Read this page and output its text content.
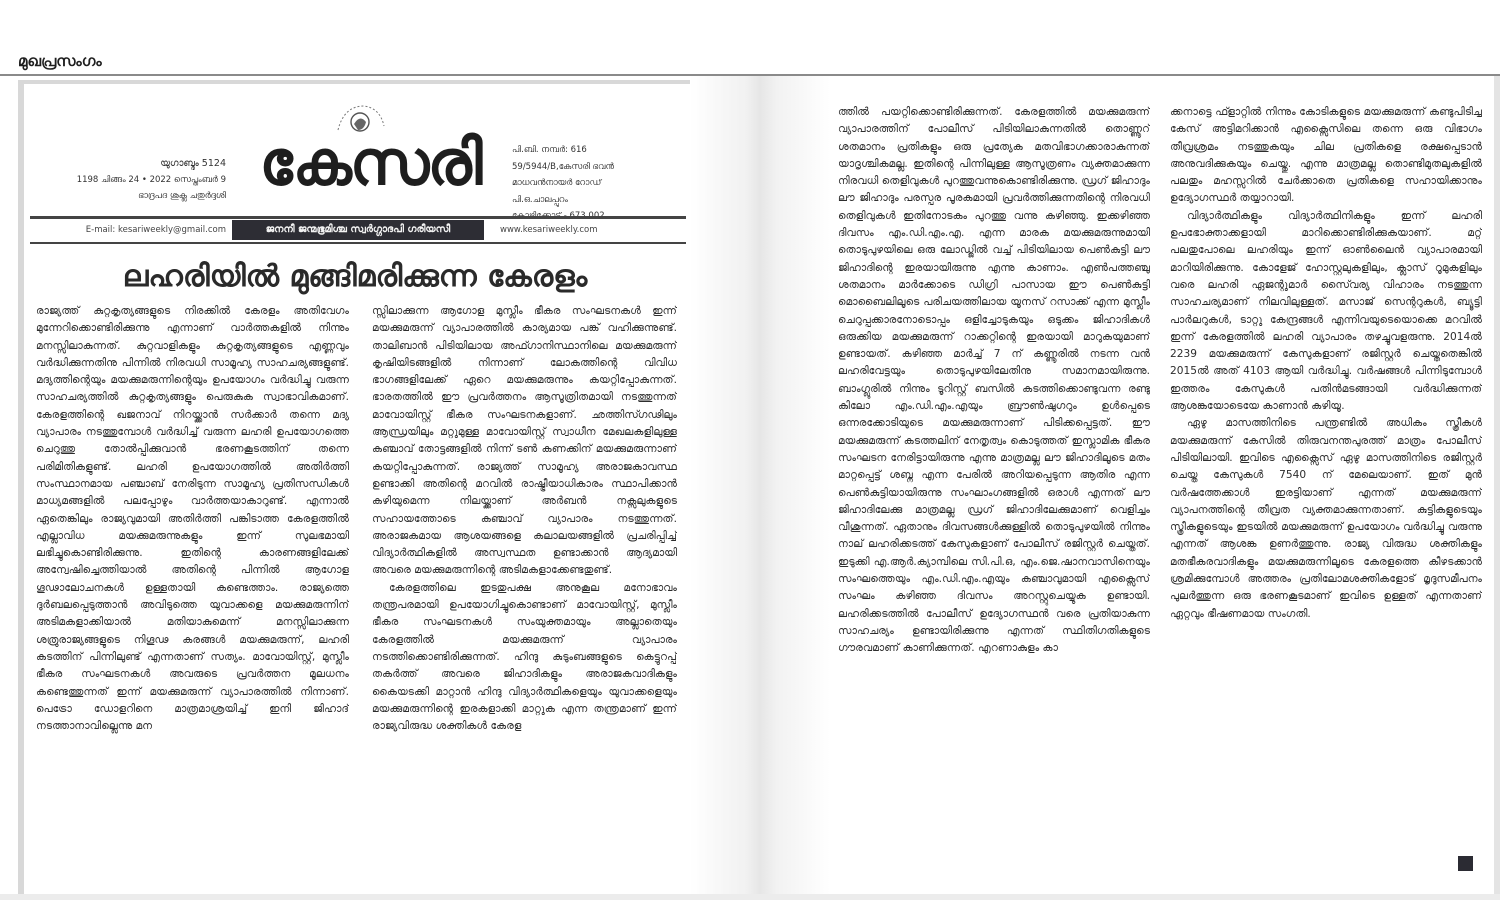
മുഖപ്രസംഗം
യുഗാബ്ദം 5124
1198 ചിങ്ങം 24 • 2022 സെപ്തംബർ 9
ഭാദ്രപദ ശുക്ല ചതുർദ്ദശി കേസരി	പി.ബി. നമ്പർ: 616
59/5944/B,കേസരി ഭവൻ
മാധവൻനായർ റോഡ്
പി.ഒ.ചാലപ്പുറം
E-mail: kesariweekly@gmail.com	ജനനീ ജന്മഭൂമിശ്ച സ്വർഗ്ഗാദപി ഗരീയസീ	www.kesariweekly.com
ലഹരിയിൽ മുങ്ങിമരിക്കുന്ന കേരളം

രാജ്യത്ത് കുറ്റകൃത്യങ്ങളുടെ നിരക്കിൽ കേരളം അതിവേഗം മുന്നേറിക്കൊണ്ടിരിക്കുന്നു എന്നാണ് വാർത്തകളിൽ നിന്നും മനസ്സിലാകുന്നത്. കുറ്റവാളികളും കുറ്റകൃത്യങ്ങളുടെ എണ്ണവും വർദ്ധിക്കുന്നതിനു പിന്നിൽ നിരവധി സാമൂഹ്യ സാഹചര്യങ്ങളുണ്ട്. മദ്യത്തിന്റെയും മയക്കുമരുന്നിന്റെയും ഉപയോഗം വർദ്ധിച്ചു വരുന്ന സാഹചര്യത്തിൽ കുറ്റകൃത്യങ്ങളും പെരുകുക സ്വാഭാവികമാണ്. കേരളത്തിന്റെ ഖജനാവ് നിറയ്ക്കാൻ സർക്കാർ തന്നെ മദ്യ വ്യാപാരം നടത്തുമ്പോൾ വർദ്ധിച്ച് വരുന്ന ലഹരി ഉപയോഗത്തെ ചെറുത്തു തോൽപ്പിക്കുവാൻ ഭരണകൂടത്തിന് തന്നെ പരിമിതികളുണ്ട്. ലഹരി ഉപയോഗത്തിൽ അതിർത്തി സംസ്ഥാനമായ പഞ്ചാബ് നേരിടുന്ന സാമൂഹ്യ പ്രതിസന്ധികൾ മാധ്യമങ്ങളിൽ പലപ്പോഴും വാർത്തയാകാറുണ്ട്. എന്നാൽ ഏതെങ്കിലും രാജ്യവുമായി അതിർത്തി പങ്കിടാത്ത കേരളത്തിൽ എല്ലാവിധ മയക്കുമരുന്നുകളും ഇന്ന് സുലഭമായി ലഭിച്ചുകൊണ്ടിരിക്കുന്നു. ഇതിന്റെ കാരണങ്ങളിലേക്ക് അന്വേഷിച്ചെത്തിയാൽ അതിന്റെ പിന്നിൽ ആഗോള ഗൂഢാലോചനകൾ ഉള്ളതായി കണ്ടെത്താം. രാജ്യത്തെ ദുർബലപ്പെടുത്താൻ അവിടുത്തെ യുവാക്കളെ മയക്കുമരുന്നിന് അടിമകളാക്കിയാൽ മതിയാകുമെന്ന് മനസ്സിലാക്കുന്ന ശത്രുരാജ്യങ്ങളുടെ നിഗൂഢ കരങ്ങൾ മയക്കുമരുന്ന്, ലഹരി കടത്തിന് പിന്നിലുണ്ട് എന്നതാണ് സത്യം. മാവോയിസ്റ്റ്, മുസ്ലീം ഭീകര സംഘടനകൾ അവരുടെ പ്രവർത്തന മൂലധനം കണ്ടെത്തുന്നത് ഇന്ന് മയക്കുമരുന്ന് വ്യാപാരത്തിൽ നിന്നാണ്. പെട്രോ ഡോളറിനെ മാത്രമാശ്രയിച്ച് ഇനി ജിഹാദ് നടത്താനാവില്ലെന്നു മന

സ്സിലാക്കുന്ന ആഗോള മുസ്ലീം ഭീകര സംഘടനകൾ ഇന്ന് മയക്കുമരുന്ന് വ്യാപാരത്തിൽ കാര്യമായ പങ്ക് വഹിക്കുന്നുണ്ട്. താലിബാൻ പിടിയിലായ അഫ്ഗാനിസ്ഥാനിലെ മയക്കുമരുന്ന് കൃഷിയിടങ്ങളിൽ നിന്നാണ് ലോകത്തിന്റെ വിവിധ ഭാഗങ്ങളിലേക്ക് ഏറെ മയക്കുമരുന്നും കയറ്റിപ്പോകുന്നത്. ഭാരതത്തിൽ ഈ പ്രവർത്തനം ആസൂത്രിതമായി നടത്തുന്നത് മാവോയിസ്റ്റ് ഭീകര സംഘടനകളാണ്. ഛത്തിസ്ഗഢിലും ആന്ധ്രയിലും മറ്റുമുള്ള മാവോയിസ്റ്റ് സ്വാധീന മേഖലകളിലുള്ള കഞ്ചാവ് തോട്ടങ്ങളിൽ നിന്ന് ടൺ കണക്കിന് മയക്കുമരുന്നാണ് കയറ്റിപ്പോകുന്നത്. രാജ്യത്ത് സാമൂഹ്യ അരാജകാവസ്ഥ ഉണ്ടാക്കി അതിന്റെ മറവിൽ രാഷ്ട്രീയാധികാരം സ്ഥാപിക്കാൻ കഴിയുമെന്ന നിലയ്ക്കാണ് അർബൻ നക്സലുകളുടെ സഹായത്തോടെ കഞ്ചാവ് വ്യാപാരം നടത്തുന്നത്. അരാജകമായ ആശയങ്ങളെ കലാലയങ്ങളിൽ പ്രചരിപ്പിച്ച് വിദ്യാർത്ഥികളിൽ അസ്വസ്ഥത ഉണ്ടാക്കാൻ ആദ്യമായി അവരെ മയക്കുമരുന്നിന്റെ അടിമകളാക്കേണ്ടതുണ്ട്.

കേരളത്തിലെ ഇടതുപക്ഷ അനുകൂല മനോഭാവം തന്ത്രപരമായി ഉപയോഗിച്ചുകൊണ്ടാണ് മാവോയിസ്റ്റ്, മുസ്ലീം ഭീകര സംഘടനകൾ സംയുക്തമായും അല്ലാതെയും കേരളത്തിൽ മയക്കുമരുന്ന് വ്യാപാരം നടത്തിക്കൊണ്ടിരിക്കുന്നത്. ഹിന്ദു കുടുംബങ്ങളുടെ കെട്ടുറപ്പ് തകർത്ത് അവരെ ജിഹാദികളും അരാജകവാദികളും കൈയടക്കി മാറ്റാൻ ഹിന്ദു വിദ്യാർത്ഥികളെയും യുവാക്കളെയും മയക്കുമരുന്നിന്റെ ഇരകളാക്കി മാറ്റുക എന്ന തന്ത്രമാണ് ഇന്ന് രാജ്യവിരുദ്ധ ശക്തികൾ കേരള

ത്തിൽ പയറ്റിക്കൊണ്ടിരിക്കുന്നത്. കേരളത്തിൽ മയക്കുമരുന്ന് വ്യാപാരത്തിന് പോലീസ് പിടിയിലാകുന്നതിൽ തൊണ്ണൂറ് ശതമാനം പ്രതികളും ഒരു പ്രത്യേക മതവിഭാഗക്കാരാകുന്നത് യാദൃശ്ചികമല്ല. ഇതിന്റെ പിന്നിലുള്ള ആസൂത്രണം വ്യക്തമാക്കുന്ന നിരവധി തെളിവുകൾ പുറത്തുവന്നുകൊണ്ടിരിക്കുന്നു. ഡ്രഗ് ജിഹാദും ലൗ ജിഹാദും പരസ്പര പൂരകമായി പ്രവർത്തിക്കുന്നതിന്റെ നിരവധി തെളിവുകൾ ഇതിനോടകം പുറത്തു വന്നു കഴിഞ്ഞു. ഇക്കഴിഞ്ഞ ദിവസം എം.ഡി.എം.എ. എന്ന മാരക മയക്കുമരുന്നുമായി തൊടുപുഴയിലെ ഒരു ലോഡ്ജിൽ വച്ച് പിടിയിലായ പെൺകുട്ടി ലൗ ജിഹാദിന്റെ ഇരയായിരുന്നു എന്നു കാണാം. എൺപത്തഞ്ചു ശതമാനം മാർക്കോടെ ഡിഗ്രി പാസായ ഈ പെൺകുട്ടി മൊബൈലിലൂടെ പരിചയത്തിലായ യൂനസ് റസാക്ക് എന്ന മുസ്ലീം ചെറുപ്പക്കാരനോടൊപ്പം ഒളിച്ചോടുകയും ഒടുക്കം ജിഹാദികൾ ഒരുക്കിയ മയക്കുമരുന്ന് റാക്കറ്റിന്റെ ഇരയായി മാറുകയുമാണ് ഉണ്ടായത്. കഴിഞ്ഞ മാർച്ച് 7 ന് കണ്ണൂരിൽ നടന്ന വൻ ലഹരിവേട്ടയും തൊടുപുഴയിലേതിനു സമാനമായിരുന്നു. ബാംഗ്ലൂരിൽ നിന്നും ടൂറിസ്റ്റ് ബസിൽ കടത്തിക്കൊണ്ടുവന്ന രണ്ടു കിലോ എം.ഡി.എം.എയും ബ്രൗൺഷുഗറും ഉൾപ്പെടെ ഒന്നരക്കോടിയുടെ മയക്കുമരുന്നാണ് പിടിക്കപ്പെട്ടത്. ഈ മയക്കുമരുന്ന് കടത്തലിന് നേതൃത്വം കൊടുത്തത് ഇസ്ലാമിക ഭീകര സംഘടന നേരിട്ടായിരുന്നു എന്നു മാത്രമല്ല ലൗ ജിഹാദിലൂടെ മതം മാറ്റപ്പെട്ട് ശബ്ന എന്ന പേരിൽ അറിയപ്പെടുന്ന ആതിര എന്ന പെൺകുട്ടിയായിരുന്നു സംഘാംഗങ്ങളിൽ ഒരാൾ എന്നത് ലൗ ജിഹാദിലേക്കു മാത്രമല്ല ഡ്രഗ് ജിഹാദിലേക്കുമാണ് വെളിച്ചം വീശുന്നത്. ഏതാനും ദിവസങ്ങൾക്കുള്ളിൽ തൊടുപുഴയിൽ നിന്നും നാല് ലഹരിക്കടത്ത് കേസുകളാണ് പോലീസ് രജിസ്റ്റർ ചെയ്തത്. ഇടുക്കി എ.ആർ.ക്യാമ്പിലെ സി.പി.ഒ, എം.ജെ.ഷാനവാസിനെയും സംഘത്തെയും എം.ഡി.എം.എയും കഞ്ചാവുമായി എക്സൈസ് സംഘം കഴിഞ്ഞ ദിവസം അറസ്റ്റുചെയ്യുക ഉണ്ടായി. ലഹരിക്കടത്തിൽ പോലീസ് ഉദ്യോഗസ്ഥൻ വരെ പ്രതിയാകുന്ന സാഹചര്യം ഉണ്ടായിരിക്കുന്നു എന്നത് സ്ഥിതിഗതികളുടെ ഗൗരവമാണ് കാണിക്കുന്നത്. എറണാകുളം കാ

ക്കനാട്ടെ ഫ്ളാറ്റിൽ നിന്നും കോടികളുടെ മയക്കുമരുന്ന് കണ്ടുപിടിച്ച കേസ് അട്ടിമറിക്കാൻ എക്സൈസിലെ തന്നെ ഒരു വിഭാഗം തീവ്രശ്രമം നടത്തുകയും ചില പ്രതികളെ രക്ഷപ്പെടാൻ അനുവദിക്കുകയും ചെയ്തു. എന്നു മാത്രമല്ല തൊണ്ടിമുതലുകളിൽ പലതും മഹസ്സറിൽ ചേർക്കാതെ പ്രതികളെ സഹായിക്കാനും ഉദ്യോഗസ്ഥർ തയ്യാറായി.

വിദ്യാർത്ഥികളും വിദ്യാർത്ഥിനികളും ഇന്ന് ലഹരി ഉപഭോക്താക്കളായി മാറിക്കൊണ്ടിരിക്കുകയാണ്. മറ്റ് പലതുപോലെ ലഹരിയും ഇന്ന് ഓൺലൈൻ വ്യാപാരമായി മാറിയിരിക്കുന്നു. കോളേജ് ഹോസ്റ്റലുകളിലും, ക്ലാസ് റൂമുകളിലും വരെ ലഹരി ഏജന്റുമാർ സൈ്വര്യ വിഹാരം നടത്തുന്ന സാഹചര്യമാണ് നിലവിലുള്ളത്. മസാജ് സെന്ററുകൾ, ബ്യൂട്ടി പാർലറുകൾ, ടാറ്റു കേന്ദ്രങ്ങൾ എന്നിവയുടെയൊക്കെ മറവിൽ ഇന്ന് കേരളത്തിൽ ലഹരി വ്യാപാരം തഴച്ചുവളരുന്നു. 2014ൽ 2239 മയക്കുമരുന്ന് കേസുകളാണ് രജിസ്റ്റർ ചെയ്തതെങ്കിൽ 2015ൽ അത് 4103 ആയി വർദ്ധിച്ചു. വർഷങ്ങൾ പിന്നിടുമ്പോൾ ഇത്തരം കേസുകൾ പതിൻമടങ്ങായി വർദ്ധിക്കുന്നത് ആശങ്കയോടെയേ കാണാൻ കഴിയൂ.

ഏഴു മാസത്തിനിടെ പന്ത്രണ്ടിൽ അധികം സ്ത്രീകൾ മയക്കുമരുന്ന് കേസിൽ തിരുവനന്തപുരത്ത് മാത്രം പോലീസ് പിടിയിലായി. ഇവിടെ എക്സൈസ് ഏഴു മാസത്തിനിടെ രജിസ്റ്റർ ചെയ്ത കേസുകൾ 7540 ന് മേലെയാണ്. ഇത് മുൻ വർഷത്തേക്കാൾ ഇരട്ടിയാണ് എന്നത് മയക്കുമരുന്ന് വ്യാപനത്തിന്റെ തീവ്രത വ്യക്തമാക്കുന്നതാണ്. കുട്ടികളുടെയും സ്ത്രീകളുടെയും ഇടയിൽ മയക്കുമരുന്ന് ഉപയോഗം വർദ്ധിച്ചു വരുന്നു എന്നത് ആശങ്ക ഉണർത്തുന്നു. രാജ്യ വിരുദ്ധ ശക്തികളും മതഭീകരവാദികളും മയക്കുമരുന്നിലൂടെ കേരളത്തെ കീഴടക്കാൻ ശ്രമിക്കുമ്പോൾ അത്തരം പ്രതിലോമശക്തികളോട് മൃദുസമീപനം പുലർത്തുന്ന ഒരു ഭരണകൂടമാണ് ഇവിടെ ഉള്ളത് എന്നതാണ് ഏറ്റവും ഭീഷണമായ സംഗതി.
